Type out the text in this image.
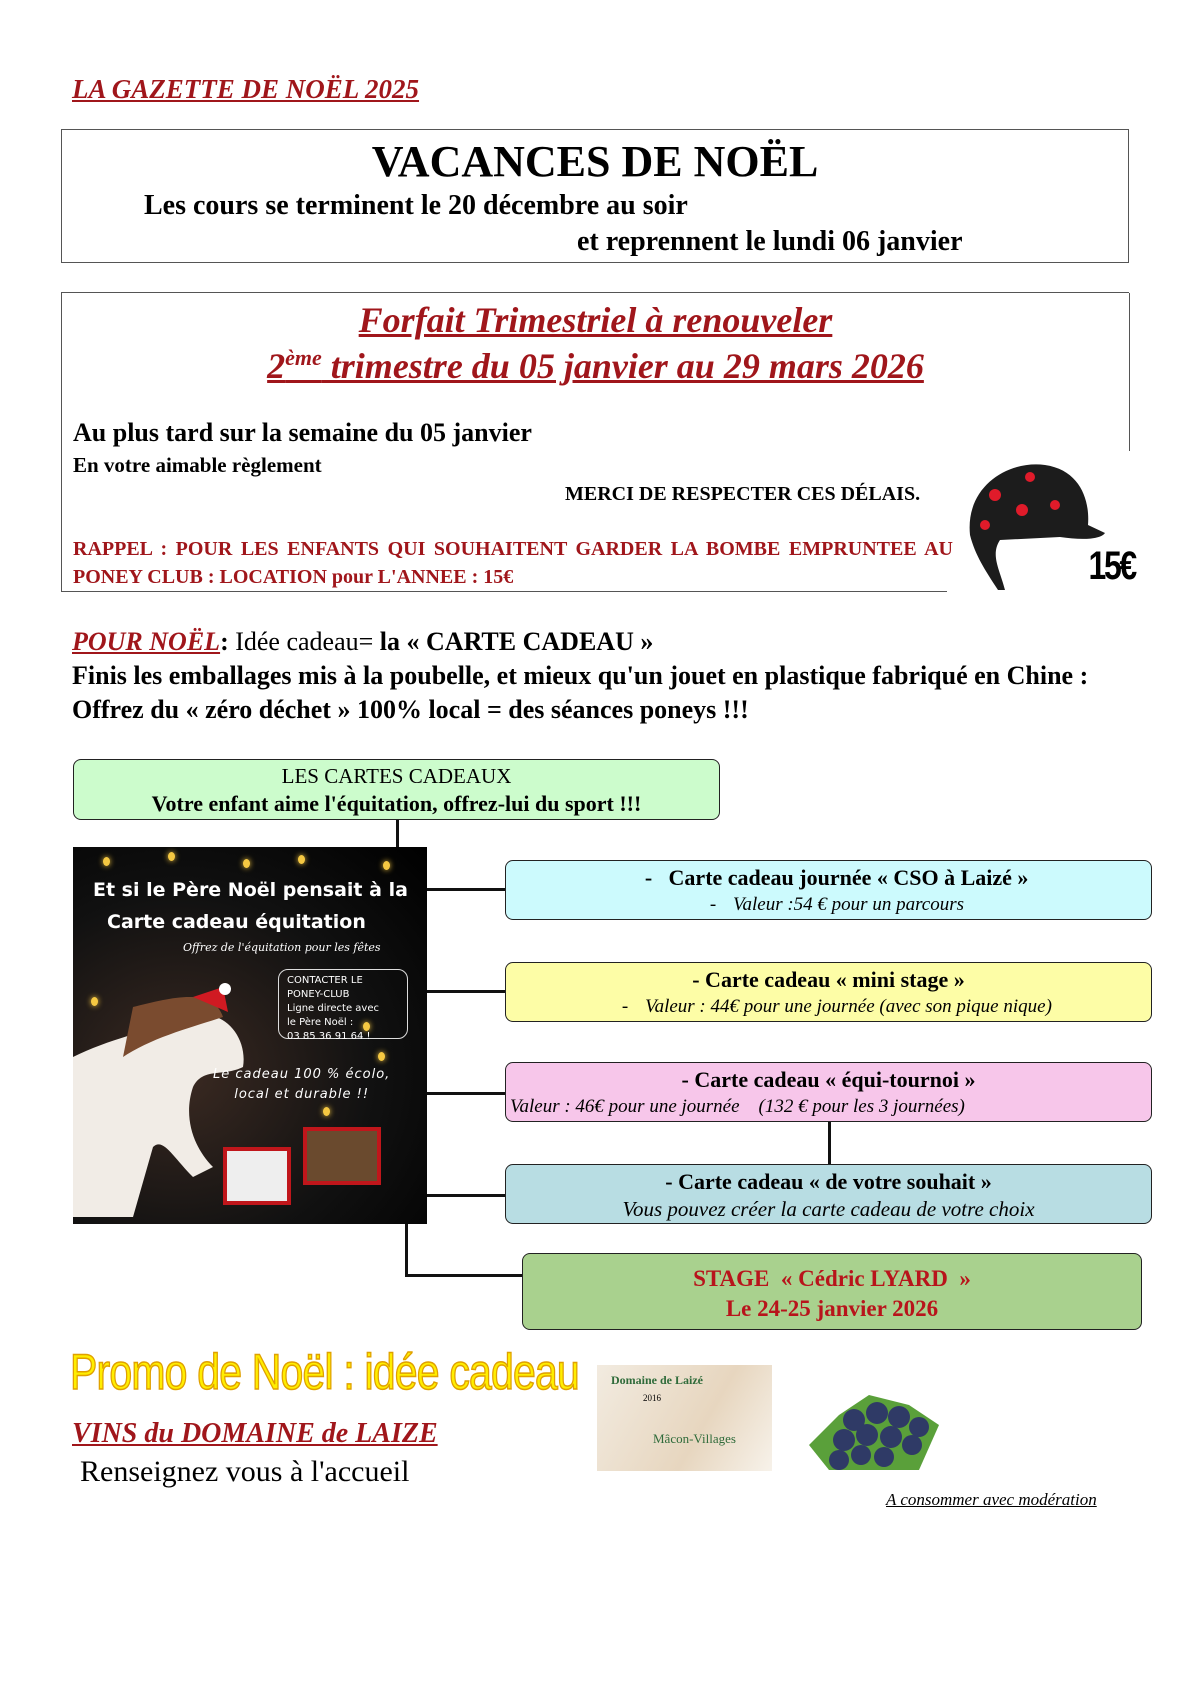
LA GAZETTE DE NOËL 2025
VACANCES DE NOËL
Les cours se terminent le 20 décembre au soir
et reprennent le lundi 06 janvier
Forfait Trimestriel à renouveler
2ème trimestre du 05 janvier au 29 mars 2026
Au plus tard sur la semaine du 05 janvier
En votre aimable règlement
MERCI DE RESPECTER CES DÉLAIS.
RAPPEL : POUR LES ENFANTS QUI SOUHAITENT GARDER LA BOMBE EMPRUNTEE AU PONEY CLUB : LOCATION pour L'ANNEE : 15€	15€
POUR NOËL: Idée cadeau= la « CARTE CADEAU »
Finis les emballages mis à la poubelle, et mieux qu'un jouet en plastique fabriqué en Chine : Offrez du « zéro déchet » 100% local = des séances poneys !!!
LES CARTES CADEAUX
Votre enfant aime l'équitation, offrez-lui du sport !!!
Et si le Père Noël pensait à la
Carte cadeau équitation
Offrez de l'équitation pour les fêtes
CONTACTER LE
PONEY-CLUB
Ligne directe avec
le Père Noël :
03 85 36 91 64 !
Le cadeau 100 % écolo,
local et durable !!
- Carte cadeau journée « CSO à Laizé »
- Valeur :54 € pour un parcours
- Carte cadeau « mini stage »
- Valeur : 44€ pour une journée (avec son pique nique)
- Carte cadeau « équi-tournoi »
Valeur : 46€ pour une journée    (132 € pour les 3 journées)
- Carte cadeau « de votre souhait »
Vous pouvez créer la carte cadeau de votre choix
STAGE  « Cédric LYARD  »
Le 24-25 janvier 2026
Promo de Noël : idée cadeau
VINS du DOMAINE de LAIZE
Renseignez vous à l'accueil
Domaine de Laizé
2016
Mâcon-Villages
A consommer avec modération
